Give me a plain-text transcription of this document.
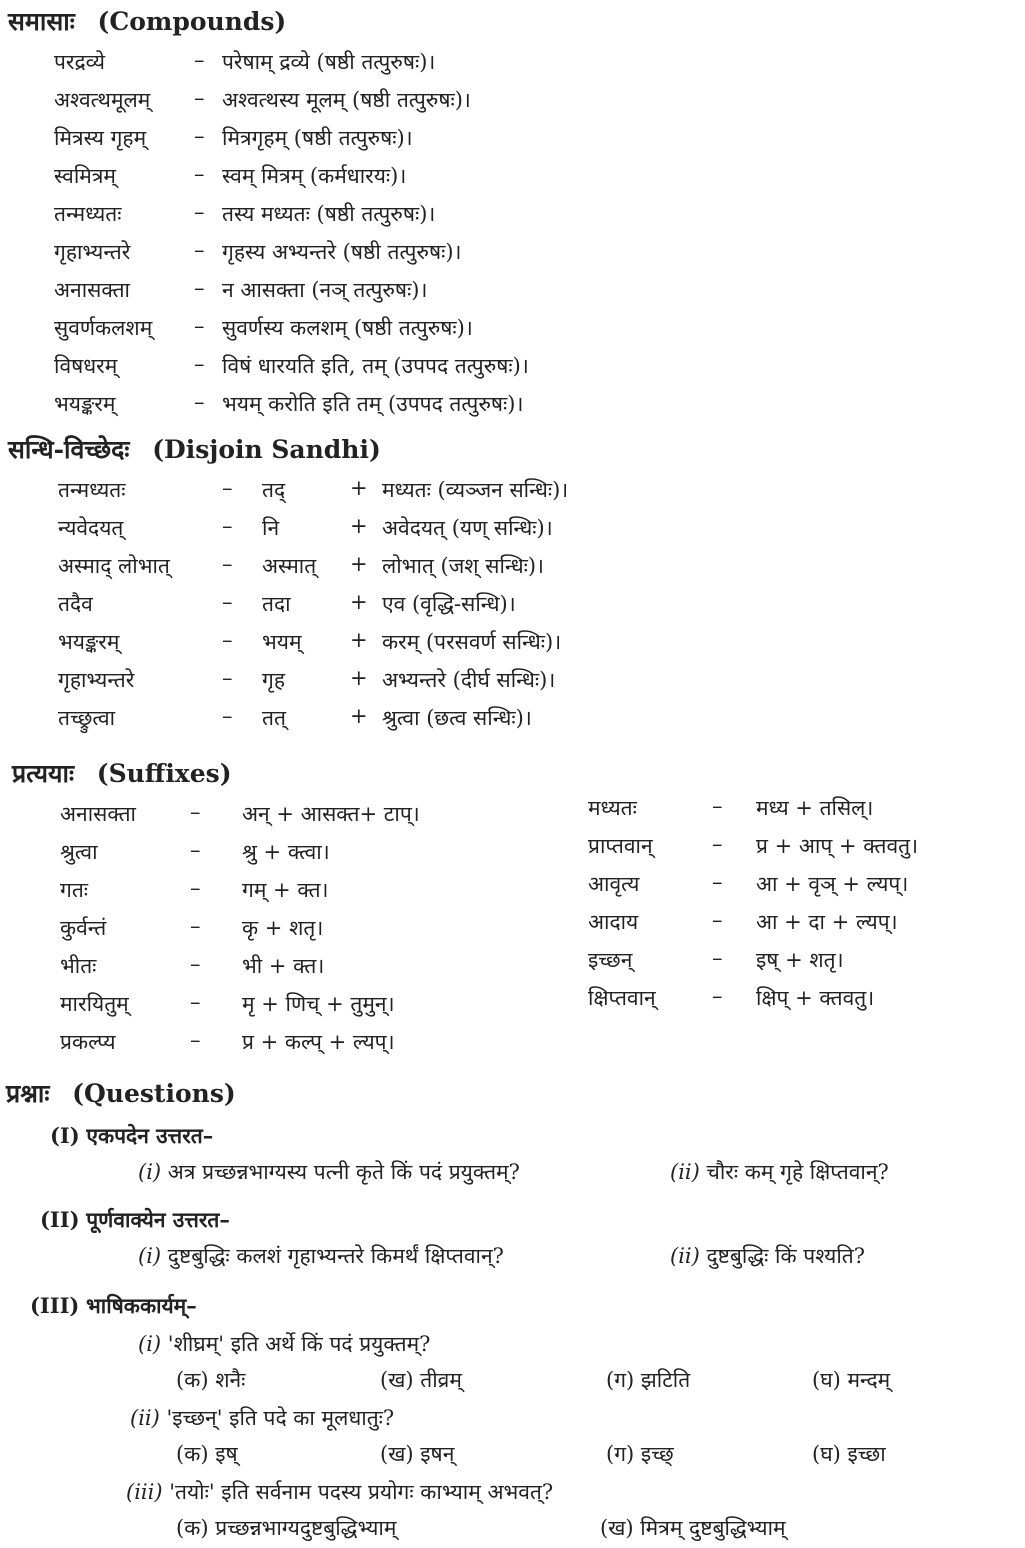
समासाः (Compounds)
परद्रव्ये	– परेषाम् द्रव्ये (षष्ठी तत्पुरुषः)।
अश्वत्थमूलम् – अश्वत्थस्य मूलम् (षष्ठी तत्पुरुषः)।
मित्रस्य गृहम् – मित्रगृहम् (षष्ठी तत्पुरुषः)।
स्वमित्रम्	– स्वम् मित्रम् (कर्मधारयः)।
तन्मध्यतः	– तस्य मध्यतः (षष्ठी तत्पुरुषः)।
गृहाभ्यन्तरे	– गृहस्य अभ्यन्तरे (षष्ठी तत्पुरुषः)।
अनासक्ता	– न आसक्ता (नञ् तत्पुरुषः)।
सुवर्णकलशम् – सुवर्णस्य कलशम् (षष्ठी तत्पुरुषः)।
विषधरम्	– विषं धारयति इति, तम् (उपपद तत्पुरुषः)।
भयङ्करम्	– भयम् करोति इति तम् (उपपद तत्पुरुषः)।
सन्धि-विच्छेदः (Disjoin Sandhi)
तन्मध्यतः	– तद्	+ मध्यतः (व्यञ्जन सन्धिः)।
न्यवेदयत्	– नि	+ अवेदयत् (यण् सन्धिः)।
अस्माद् लोभात् – अस्मात् + लोभात् (जश् सन्धिः)।
तदैव	– तदा	+ एव (वृद्धि-सन्धि)।
भयङ्करम्	– भयम् + करम् (परसवर्ण सन्धिः)।
गृहाभ्यन्तरे	– गृह	+ अभ्यन्तरे (दीर्घ सन्धिः)।
तच्छ्रुत्वा	– तत्	+ श्रुत्वा (छत्व सन्धिः)।
प्रत्ययाः (Suffixes)
अनासक्ता	– अन् + आसक्त+ टाप्।
श्रुत्वा	– श्रु + क्त्वा।
गतः	– गम् + क्त।
कुर्वन्तं	– कृ + शतृ।
भीतः	– भी + क्त।
मारयितुम्	– मृ + णिच् + तुमुन्।
प्रकल्प्य	– प्र + कल्प् + ल्यप्।
मध्यतः	– मध्य + तसिल्।
प्राप्तवान्	– प्र + आप् + क्तवतु।
आवृत्य	– आ + वृञ् + ल्यप्।
आदाय	– आ + दा + ल्यप्।
इच्छन्	– इष् + शतृ।
क्षिप्तवान्	– क्षिप् + क्तवतु।
प्रश्नाः (Questions)
(I) एकपदेन उत्तरत–
(i) अत्र प्रच्छन्नभाग्यस्य पत्नी कृते किं पदं प्रयुक्तम्?	(ii) चौरः कम् गृहे क्षिप्तवान्?
(II) पूर्णवाक्येन उत्तरत–
(i) दुष्टबुद्धिः कलशं गृहाभ्यन्तरे किमर्थं क्षिप्तवान्?	(ii) दुष्टबुद्धिः किं पश्यति?
(III) भाषिककार्यम्–
(i) 'शीघ्रम्' इति अर्थे किं पदं प्रयुक्तम्?
(क) शनैः	(ख) तीव्रम्	(ग) झटिति	(घ) मन्दम्
(ii) 'इच्छन्' इति पदे का मूलधातुः?
(क) इष्	(ख) इषन्	(ग) इच्छ्	(घ) इच्छा
(iii) 'तयोः' इति सर्वनाम पदस्य प्रयोगः काभ्याम् अभवत्?
(क) प्रच्छन्नभाग्यदुष्टबुद्धिभ्याम्	(ख) मित्रम् दुष्टबुद्धिभ्याम्
